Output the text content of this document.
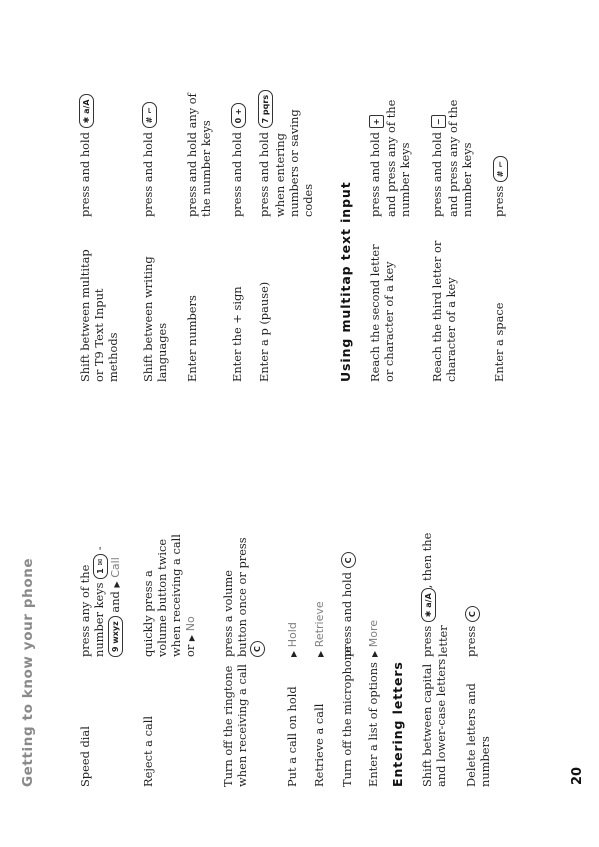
Getting to know your phone	Speed dial
press any of the number keys 1 ✉ -
9 wxyz and ▶ Call
Reject a call
quickly press a volume button twice when receiving a call or ▶ No
Turn off the ringtone when receiving a call
press a volume button once or press C
Put a call on hold
▶ Hold
Retrieve a call
▶ Retrieve
Turn off the microphone
press and hold C
Enter a list of options
▶ More
Entering letters Shift between capital and lower-case letters
press ✱ a/A, then the
letter
Delete letters and numbers
press C
Shift between multitap or T9 Text Input methods
press and hold ✱ a/A
Shift between writing languages
press and hold # ⌐
Enter numbers
press and hold any of the number keys
Enter the + sign
press and hold 0 +
Enter a p (pause)
press and hold 7 pqrs
when entering numbers or saving codes Using multitap text input Reach the second letter or character of a key
press and hold + and press any of the number keys
Reach the third letter or character of a key
press and hold − and press any of the number keys
Enter a space
press # ⌐
20
